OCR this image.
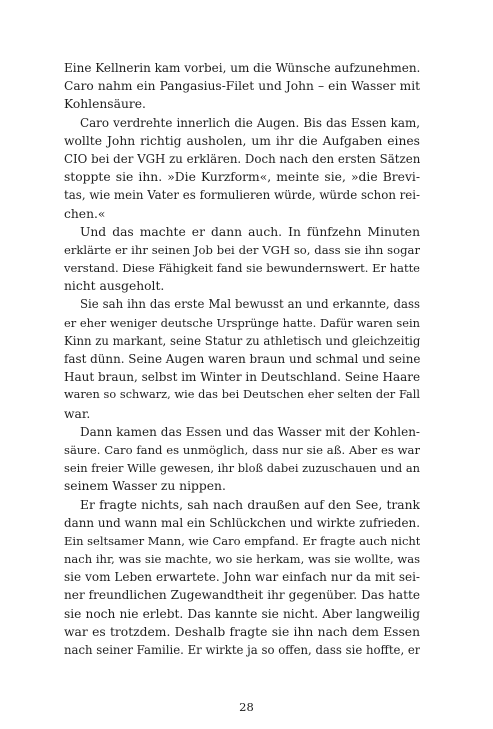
Eine Kellnerin kam vorbei, um die Wünsche aufzunehmen.
Caro nahm ein Pangasius-Filet und John – ein Wasser mit
Kohlensäure.
Caro verdrehte innerlich die Augen. Bis das Essen kam,
wollte John richtig ausholen, um ihr die Aufgaben eines
CIO bei der VGH zu erklären. Doch nach den ersten Sätzen
stoppte sie ihn. »Die Kurzform«, meinte sie, »die Brevi-
tas, wie mein Vater es formulieren würde, würde schon rei-
chen.«
Und das machte er dann auch. In fünfzehn Minuten
erklärte er ihr seinen Job bei der VGH so, dass sie ihn sogar
verstand. Diese Fähigkeit fand sie bewundernswert. Er hatte
nicht ausgeholt.
Sie sah ihn das erste Mal bewusst an und erkannte, dass
er eher weniger deutsche Ursprünge hatte. Dafür waren sein
Kinn zu markant, seine Statur zu athletisch und gleichzeitig
fast dünn. Seine Augen waren braun und schmal und seine
Haut braun, selbst im Winter in Deutschland. Seine Haare
waren so schwarz, wie das bei Deutschen eher selten der Fall
war.
Dann kamen das Essen und das Wasser mit der Kohlen-
säure. Caro fand es unmöglich, dass nur sie aß. Aber es war
sein freier Wille gewesen, ihr bloß dabei zuzuschauen und an
seinem Wasser zu nippen.
Er fragte nichts, sah nach draußen auf den See, trank
dann und wann mal ein Schlückchen und wirkte zufrieden.
Ein seltsamer Mann, wie Caro empfand. Er fragte auch nicht
nach ihr, was sie machte, wo sie herkam, was sie wollte, was
sie vom Leben erwartete. John war einfach nur da mit sei-
ner freundlichen Zugewandtheit ihr gegenüber. Das hatte
sie noch nie erlebt. Das kannte sie nicht. Aber langweilig
war es trotzdem. Deshalb fragte sie ihn nach dem Essen
nach seiner Familie. Er wirkte ja so offen, dass sie hoffte, er
28
